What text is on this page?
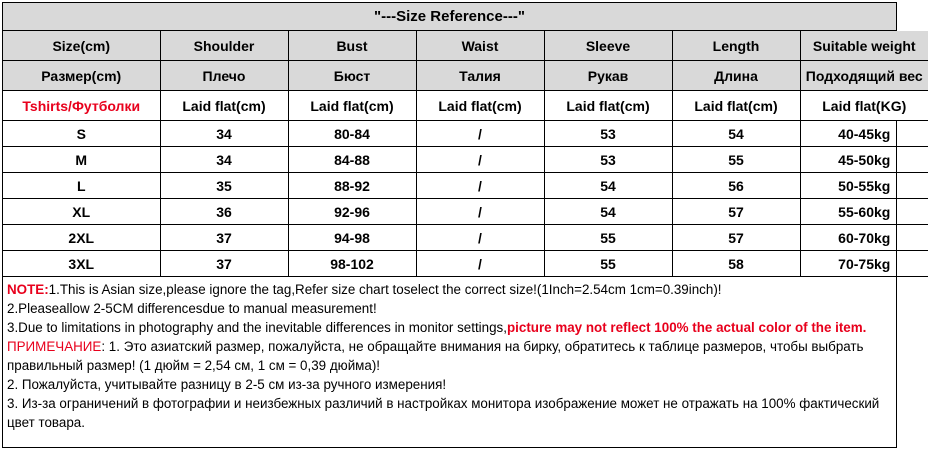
"---Size Reference---"
Size(cm)	Shoulder	Bust	Waist	Sleeve	Length	Suitable weight
Размер(cm)	Плечо	Бюст	Талия	Рукав	Длина	Подходящий вес
Tshirts/Футболки	Laid flat(cm)	Laid flat(cm)	Laid flat(cm)	Laid flat(cm)	Laid flat(cm)	Laid flat(KG)
S	34	80-84	/	53	54	40-45kg
M	34	84-88	/	53	55	45-50kg
L	35	88-92	/	54	56	50-55kg
XL	36	92-96	/	54	57	55-60kg
2XL	37	94-98	/	55	57	60-70kg
3XL	37	98-102	/	55	58	70-75kg

NOTE:1.This is Asian size,please ignore the tag,Refer size chart toselect the correct size!(1Inch=2.54cm 1cm=0.39inch)!

2.Pleaseallow 2-5CM differencesdue to manual measurement!

3.Due to limitations in photography and the inevitable differences in monitor settings,picture may not reflect 100% the actual color of the item.

ПРИМЕЧАНИЕ: 1. Это азиатский размер, пожалуйста, не обращайте внимания на бирку, обратитесь к таблице размеров, чтобы выбрать правильный размер! (1 дюйм = 2,54 см, 1 см = 0,39 дюйма)!

2. Пожалуйста, учитывайте разницу в 2-5 см из-за ручного измерения!

3. Из-за ограничений в фотографии и неизбежных различий в настройках монитора изображение может не отражать на 100% фактический цвет товара.
